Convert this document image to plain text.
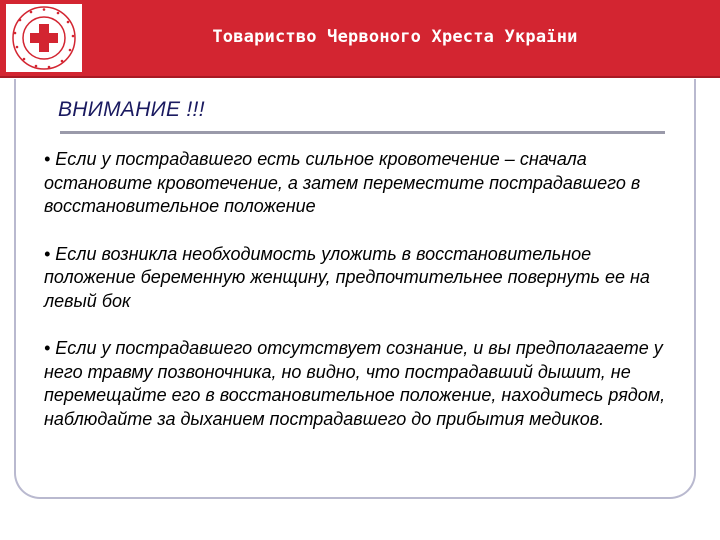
Товариство Червоного Хреста України
ВНИМАНИЕ !!!

• Если у пострадавшего есть сильное кровотечение – сначала остановите кровотечение, а затем переместите пострадавшего в восстановительное положение

• Если возникла необходимость уложить в восстановительное положение беременную женщину, предпочтительнее повернуть ее на левый бок

• Если у пострадавшего отсутствует сознание, и вы предполагаете у него травму позвоночника, но видно, что пострадавший дышит, не перемещайте его в восстановительное положение, находитесь рядом, наблюдайте за дыханием пострадавшего до прибытия медиков.
